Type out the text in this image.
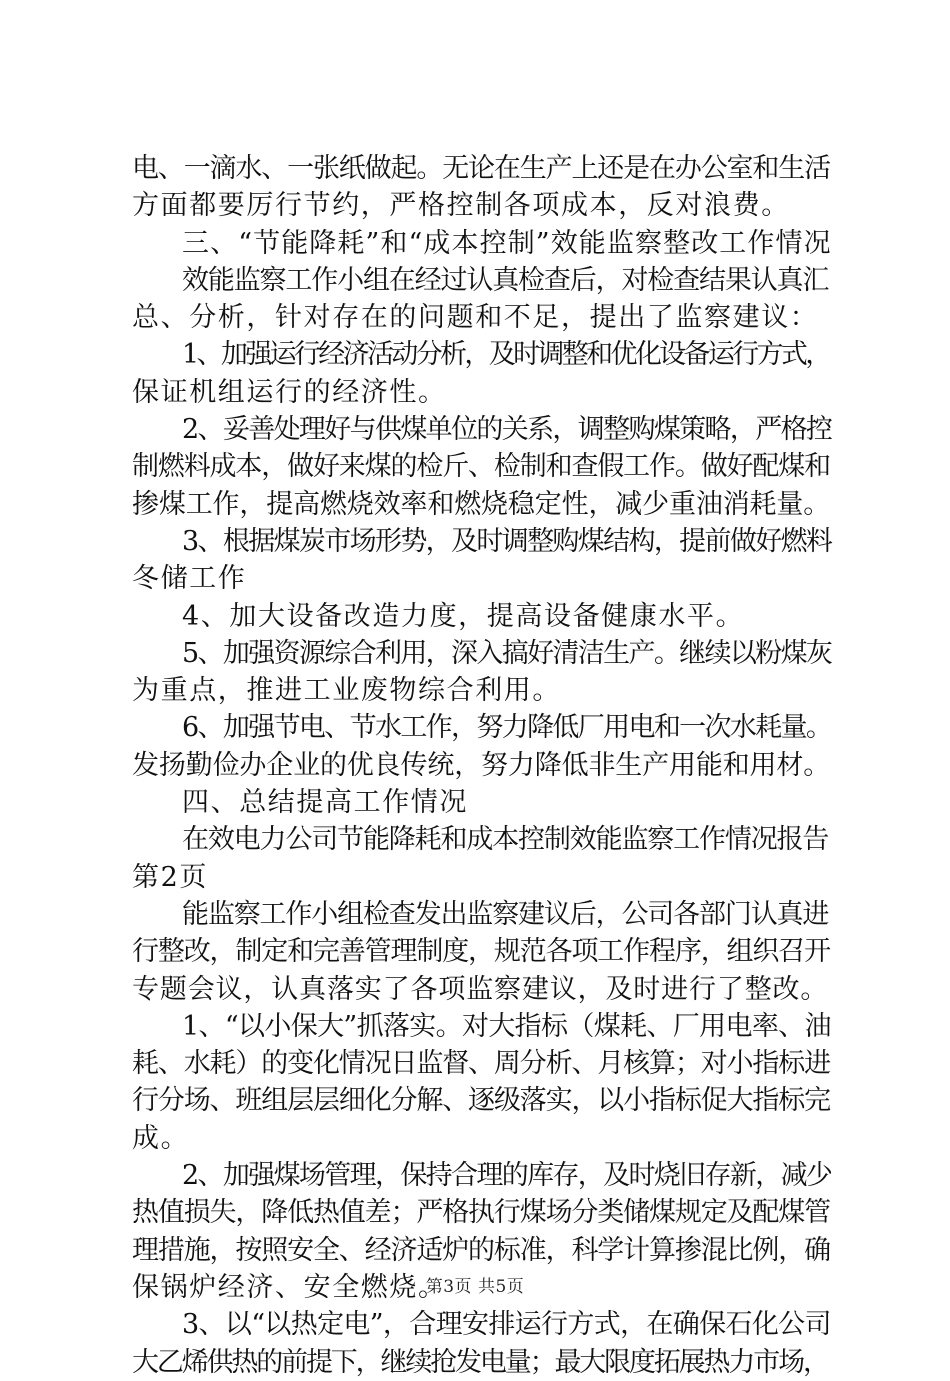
电、一滴水、一张纸做起。无论在生产上还是在办公室和生活
方面都要厉行节约，严格控制各项成本，反对浪费。
三、“节能降耗”和“成本控制”效能监察整改工作情况
效能监察工作小组在经过认真检查后，对检查结果认真汇
总、分析，针对存在的问题和不足，提出了监察建议：
1、加强运行经济活动分析，及时调整和优化设备运行方式，
保证机组运行的经济性。
2、妥善处理好与供煤单位的关系，调整购煤策略，严格控
制燃料成本，做好来煤的检斤、检制和查假工作。做好配煤和
掺煤工作，提高燃烧效率和燃烧稳定性，减少重油消耗量。
3、根据煤炭市场形势，及时调整购煤结构，提前做好燃料
冬储工作
4、加大设备改造力度，提高设备健康水平。
5、加强资源综合利用，深入搞好清洁生产。继续以粉煤灰
为重点，推进工业废物综合利用。
6、加强节电、节水工作，努力降低厂用电和一次水耗量。
发扬勤俭办企业的优良传统，努力降低非生产用能和用材。
四、总结提高工作情况
在效电力公司节能降耗和成本控制效能监察工作情况报告
第2页
能监察工作小组检查发出监察建议后，公司各部门认真进
行整改，制定和完善管理制度，规范各项工作程序，组织召开
专题会议，认真落实了各项监察建议，及时进行了整改。
1、“以小保大”抓落实。对大指标（煤耗、厂用电率、油
耗、水耗）的变化情况日监督、周分析、月核算；对小指标进
行分场、班组层层细化分解、逐级落实，以小指标促大指标完
成。
2、加强煤场管理，保持合理的库存，及时烧旧存新，减少
热值损失，降低热值差；严格执行煤场分类储煤规定及配煤管
理措施，按照安全、经济适炉的标准，科学计算掺混比例，确
保锅炉经济、安全燃烧。
3、以“以热定电”，合理安排运行方式，在确保石化公司
大乙烯供热的前提下，继续抢发电量；最大限度拓展热力市场，
第3页 共5页
